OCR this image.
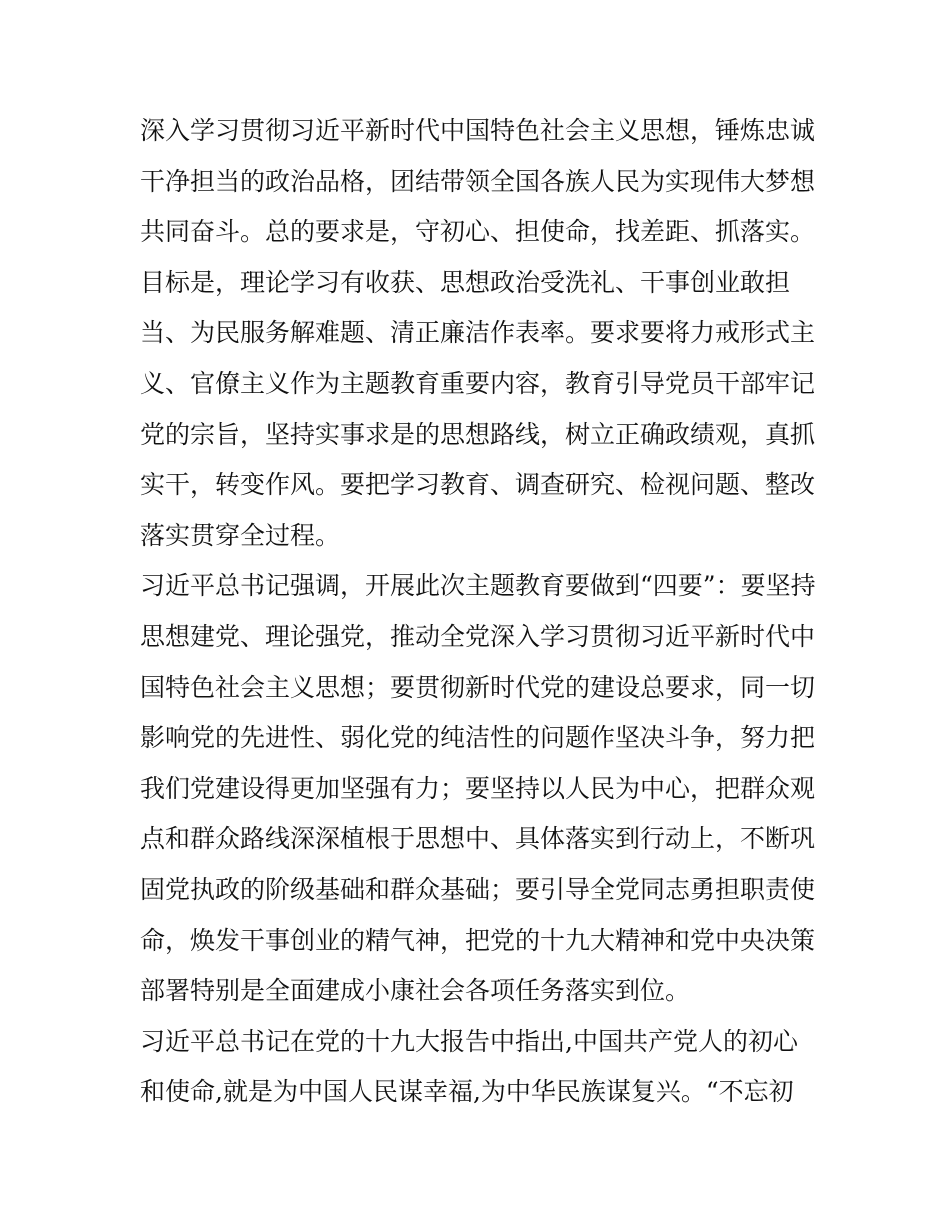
深入学习贯彻习近平新时代中国特色社会主义思想，锤炼忠诚
干净担当的政治品格，团结带领全国各族人民为实现伟大梦想
共同奋斗。总的要求是，守初心、担使命，找差距、抓落实。
目标是，理论学习有收获、思想政治受洗礼、干事创业敢担
当、为民服务解难题、清正廉洁作表率。要求要将力戒形式主
义、官僚主义作为主题教育重要内容，教育引导党员干部牢记
党的宗旨，坚持实事求是的思想路线，树立正确政绩观，真抓
实干，转变作风。要把学习教育、调查研究、检视问题、整改
落实贯穿全过程。
习近平总书记强调，开展此次主题教育要做到“四要”：要坚持
思想建党、理论强党，推动全党深入学习贯彻习近平新时代中
国特色社会主义思想；要贯彻新时代党的建设总要求，同一切
影响党的先进性、弱化党的纯洁性的问题作坚决斗争，努力把
我们党建设得更加坚强有力；要坚持以人民为中心，把群众观
点和群众路线深深植根于思想中、具体落实到行动上，不断巩
固党执政的阶级基础和群众基础；要引导全党同志勇担职责使
命，焕发干事创业的精气神，把党的十九大精神和党中央决策
部署特别是全面建成小康社会各项任务落实到位。
习近平总书记在党的十九大报告中指出,中国共产党人的初心
和使命,就是为中国人民谋幸福,为中华民族谋复兴。“不忘初
